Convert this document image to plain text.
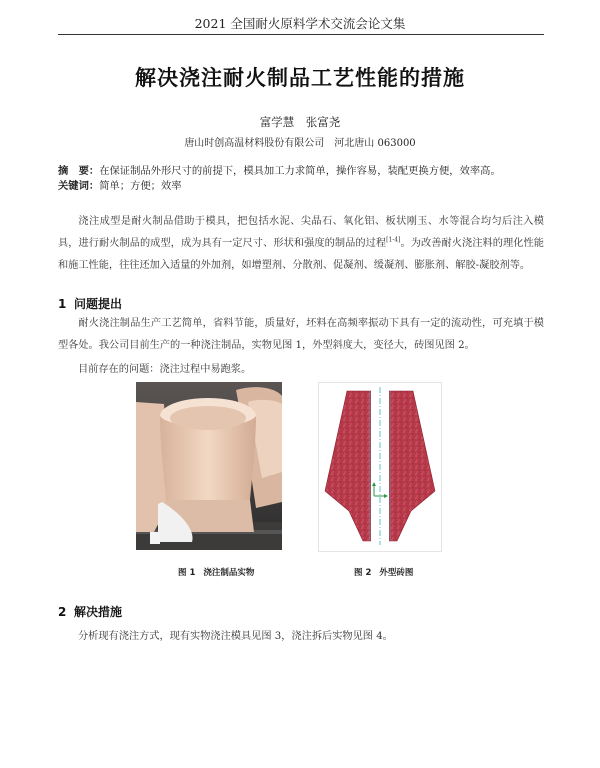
2021 全国耐火原料学术交流会论文集
解决浇注耐火制品工艺性能的措施
富学慧　张富尧
唐山时创高温材料股份有限公司　河北唐山 063000
摘　要：在保证制品外形尺寸的前提下，模具加工力求简单，操作容易，装配更换方便，效率高。
关键词：简单；方便；效率
浇注成型是耐火制品借助于模具，把包括水泥、尖晶石、氧化铝、板状刚玉、水等混合均匀后注入模具，进行耐火制品的成型，成为具有一定尺寸、形状和强度的制品的过程[1-4]。为改善耐火浇注料的理化性能和施工性能，往往还加入适量的外加剂，如增塑剂、分散剂、促凝剂、缓凝剂、膨胀剂、解胶-凝胶剂等。
1 问题提出
耐火浇注制品生产工艺简单，省料节能，质量好，坯料在高频率振动下具有一定的流动性，可充填于模型各处。我公司目前生产的一种浇注制品，实物见图 1，外型斜度大，变径大，砖图见图 2。
目前存在的问题：浇注过程中易跑浆。
图 1 浇注制品实物	图 2 外型砖图
2 解决措施
分析现有浇注方式，现有实物浇注模具见图 3，浇注拆后实物见图 4。
